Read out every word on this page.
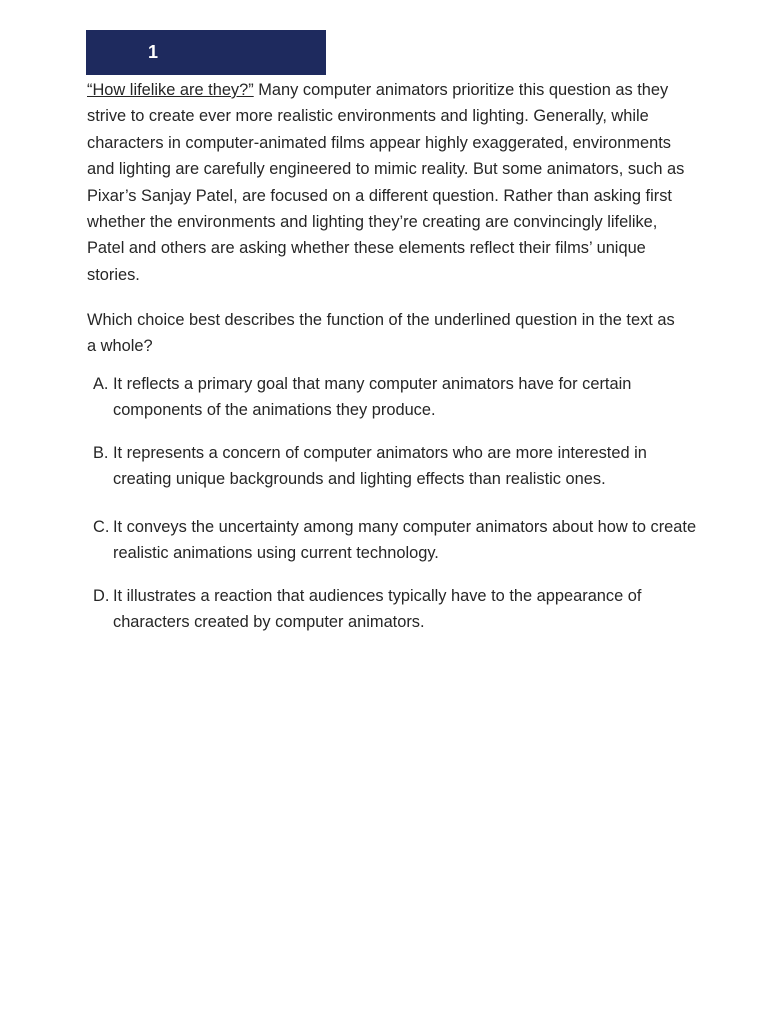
1

“How lifelike are they?” Many computer animators prioritize this question as they strive to create ever more realistic environments and lighting. Generally, while characters in computer-animated films appear highly exaggerated, environments and lighting are carefully engineered to mimic reality. But some animators, such as Pixar’s Sanjay Patel, are focused on a different question. Rather than asking first whether the environments and lighting they’re creating are convincingly lifelike, Patel and others are asking whether these elements reflect their films’ unique stories.

Which choice best describes the function of the underlined question in the text as a whole?

A. It reflects a primary goal that many computer animators have for certain components of the animations they produce.
B. It represents a concern of computer animators who are more interested in creating unique backgrounds and lighting effects than realistic ones.
C. It conveys the uncertainty among many computer animators about how to create realistic animations using current technology.
D. It illustrates a reaction that audiences typically have to the appearance of characters created by computer animators.
